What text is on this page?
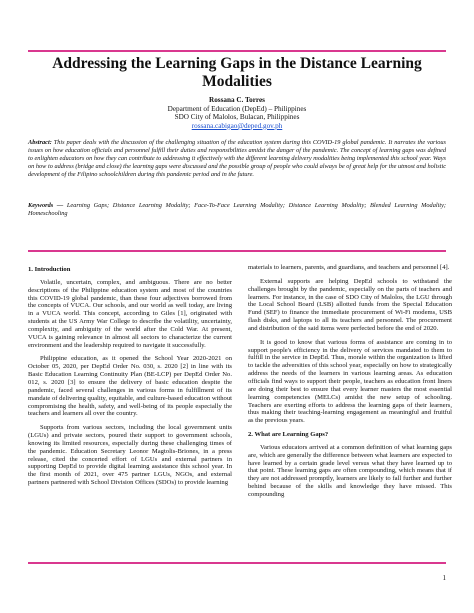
Addressing the Learning Gaps in the Distance Learning Modalities
Rossana C. Torres
Department of Education (DepEd) – Philippines
SDO City of Malolos, Bulacan, Philippines
rossana.cabigao@deped.gov.ph

Abstract: This paper deals with the discussion of the challenging situation of the education system during this COVID-19 global pandemic. It narrates the various issues on how education officials and personnel fulfill their duties and responsibilities amidst the danger of the pandemic. The concept of learning gaps was defined to enlighten educators on how they can contribute to addressing it effectively with the different learning delivery modalities being implemented this school year. Ways on how to address (bridge and close) the learning gaps were discussed and the possible group of people who could always be of great help for the utmost and holistic development of the Filipino schoolchildren during this pandemic period and in the future.

Keywords — Learning Gaps; Distance Learning Modality; Face-To-Face Learning Modality; Distance Learning Modality; Blended Learning Modality; Homeschooling

1. Introduction

Volatile, uncertain, complex, and ambiguous. There are no better descriptions of the Philippine education system and most of the countries this COVID-19 global pandemic, than these four adjectives borrowed from the concepts of VUCA. Our schools, and our world as well today, are living in a VUCA world. This concept, according to Giles [1], originated with students at the US Army War College to describe the volatility, uncertainty, complexity, and ambiguity of the world after the Cold War. At present, VUCA is gaining relevance in almost all sectors to characterize the current environment and the leadership required to navigate it successfully.

Philippine education, as it opened the School Year 2020-2021 on October 05, 2020, per DepEd Order No. 030, s. 2020 [2] in line with its Basic Education Learning Continuity Plan (BE-LCP) per DepEd Order No. 012, s. 2020 [3] to ensure the delivery of basic education despite the pandemic, faced several challenges in various forms in fulfillment of its mandate of delivering quality, equitable, and culture-based education without compromising the health, safety, and well-being of its people especially the teachers and learners all over the country.

Supports from various sectors, including the local government units (LGUs) and private sectors, poured their support to government schools, knowing its limited resources, especially during these challenging times of the pandemic. Education Secretary Leonor Magtolis-Briones, in a press release, cited the concerted effort of LGUs and external partners in supporting DepEd to provide digital learning assistance this school year. In the first month of 2021, over 475 partner LGUs, NGOs, and external partners partnered with School Division Offices (SDOs) to provide learning

materials to learners, parents, and guardians, and teachers and personnel [4].

External supports are helping DepEd schools to withstand the challenges brought by the pandemic, especially on the parts of teachers and learners. For instance, in the case of SDO City of Malolos, the LGU through the Local School Board (LSB) allotted funds from the Special Education Fund (SEF) to finance the immediate procurement of Wi-Fi modems, USB flash disks, and laptops to all its teachers and personnel. The procurement and distribution of the said items were perfected before the end of 2020.

It is good to know that various forms of assistance are coming in to support people's efficiency in the delivery of services mandated to them to fulfill in the service in DepEd. Thus, morale within the organization is lifted to tackle the adversities of this school year, especially on how to strategically address the needs of the learners in various learning areas. As education officials find ways to support their people, teachers as education front liners are doing their best to ensure that every learner masters the most essential learning competencies (MELCs) amidst the new setup of schooling. Teachers are exerting efforts to address the learning gaps of their learners, thus making their teaching-learning engagement as meaningful and fruitful as the previous years.

2. What are Learning Gaps?

Various educators arrived at a common definition of what learning gaps are, which are generally the difference between what learners are expected to have learned by a certain grade level versus what they have learned up to that point. These learning gaps are often compounding, which means that if they are not addressed promptly, learners are likely to fall further and further behind because of the skills and knowledge they have missed. This compounding

1
